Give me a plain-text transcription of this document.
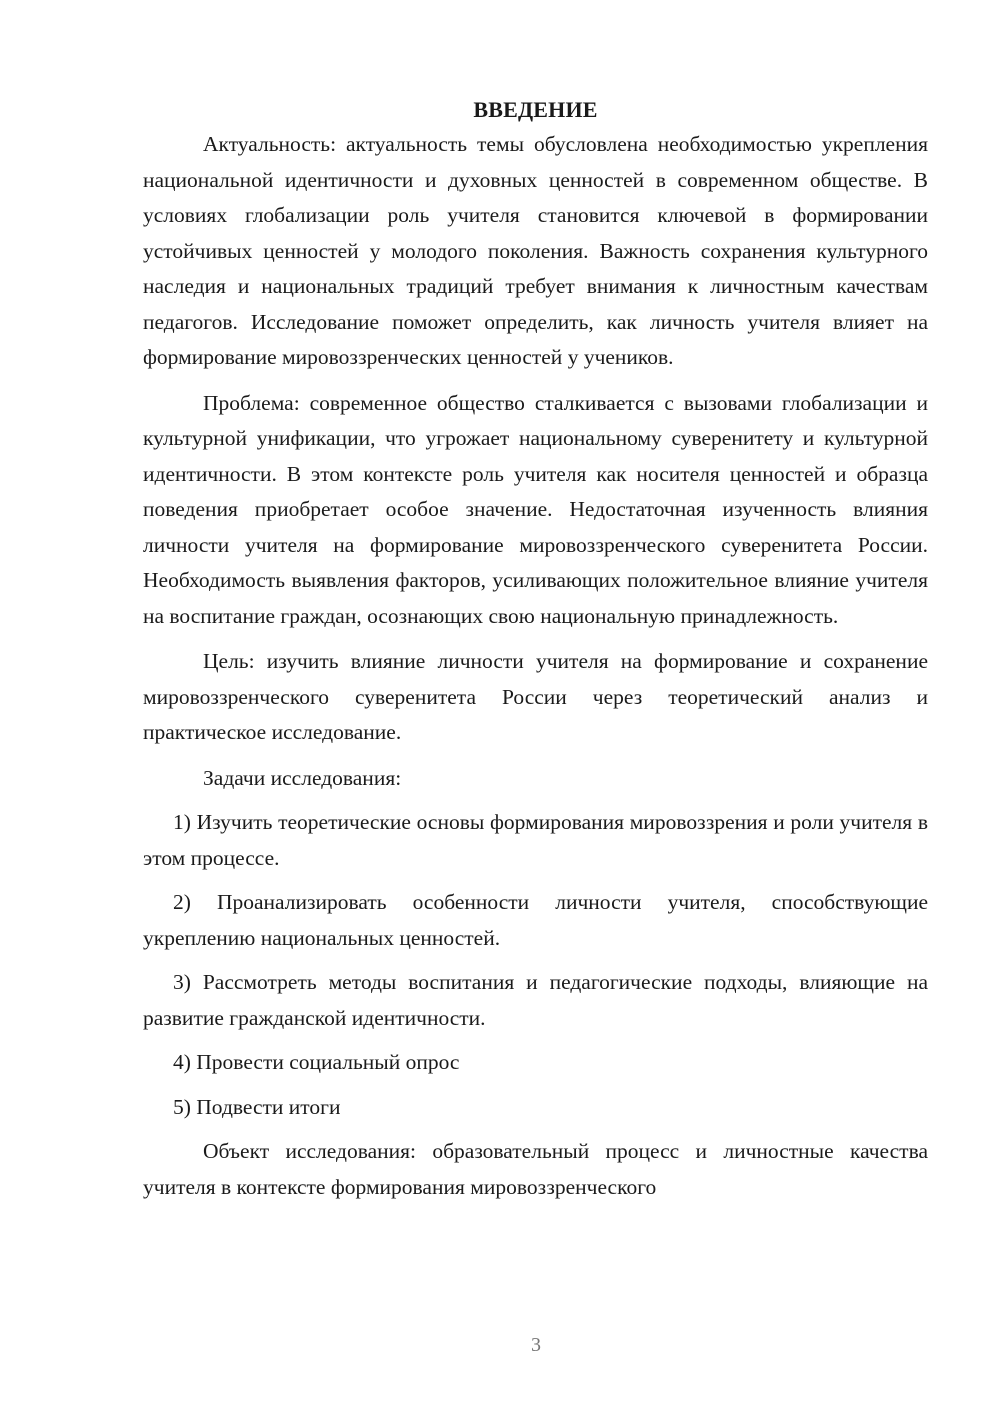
ВВЕДЕНИЕ

Актуальность: актуальность темы обусловлена необходимостью укрепления национальной идентичности и духовных ценностей в современном обществе. В условиях глобализации роль учителя становится ключевой в формировании устойчивых ценностей у молодого поколения. Важность сохранения культурного наследия и национальных традиций требует внимания к личностным качествам педагогов. Исследование поможет определить, как личность учителя влияет на формирование мировоззренческих ценностей у учеников.

Проблема: современное общество сталкивается с вызовами глобализации и культурной унификации, что угрожает национальному суверенитету и культурной идентичности. В этом контексте роль учителя как носителя ценностей и образца поведения приобретает особое значение. Недостаточная изученность влияния личности учителя на формирование мировоззренческого суверенитета России. Необходимость выявления факторов, усиливающих положительное влияние учителя на воспитание граждан, осознающих свою национальную принадлежность.

Цель: изучить влияние личности учителя на формирование и сохранение мировоззренческого суверенитета России через теоретический анализ и практическое исследование.

Задачи исследования:

1) Изучить теоретические основы формирования мировоззрения и роли учителя в этом процессе.

2) Проанализировать особенности личности учителя, способствующие укреплению национальных ценностей.

3) Рассмотреть методы воспитания и педагогические подходы, влияющие на развитие гражданской идентичности.

4) Провести социальный опрос

5) Подвести итоги

Объект исследования: образовательный процесс и личностные качества учителя в контексте формирования мировоззренческого

3
